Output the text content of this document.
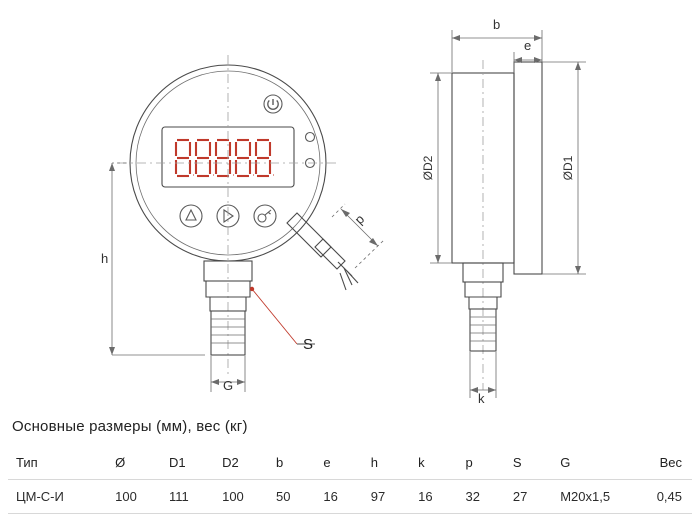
h
G
S
p
b
e
k
ØD2	ØD1
Основные размеры (мм), вес (кг)
Тип	Ø	D1	D2	b	e	h	k	p	S	G	Вес
ЦМ-С-И	100	111	100	50	16	97	16	32	27	M20x1,5	0,45
